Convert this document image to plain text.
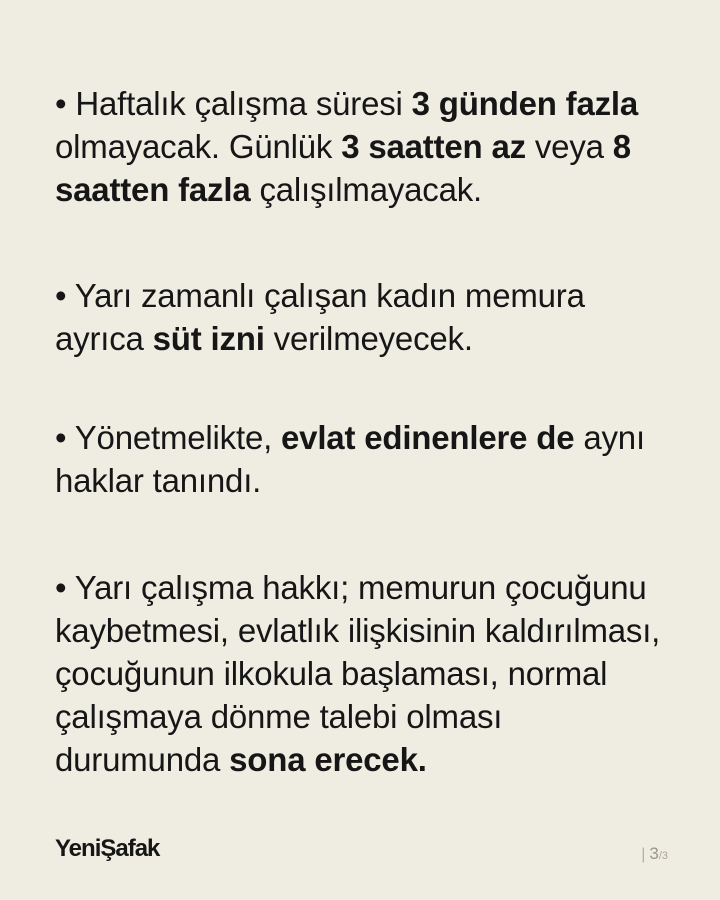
• Haftalık çalışma süresi 3 günden fazla olmayacak. Günlük 3 saatten az veya 8 saatten fazla çalışılmayacak.

• Yarı zamanlı çalışan kadın memura ayrıca süt izni verilmeyecek.

• Yönetmelikte, evlat edinenlere de aynı haklar tanındı.

• Yarı çalışma hakkı; memurun çocuğunu kaybetmesi, evlatlık ilişkisinin kaldırılması, çocuğunun ilkokula başlaması, normal çalışmaya dönme talebi olması durumunda sona erecek.

YeniŞafak	| 3/3
